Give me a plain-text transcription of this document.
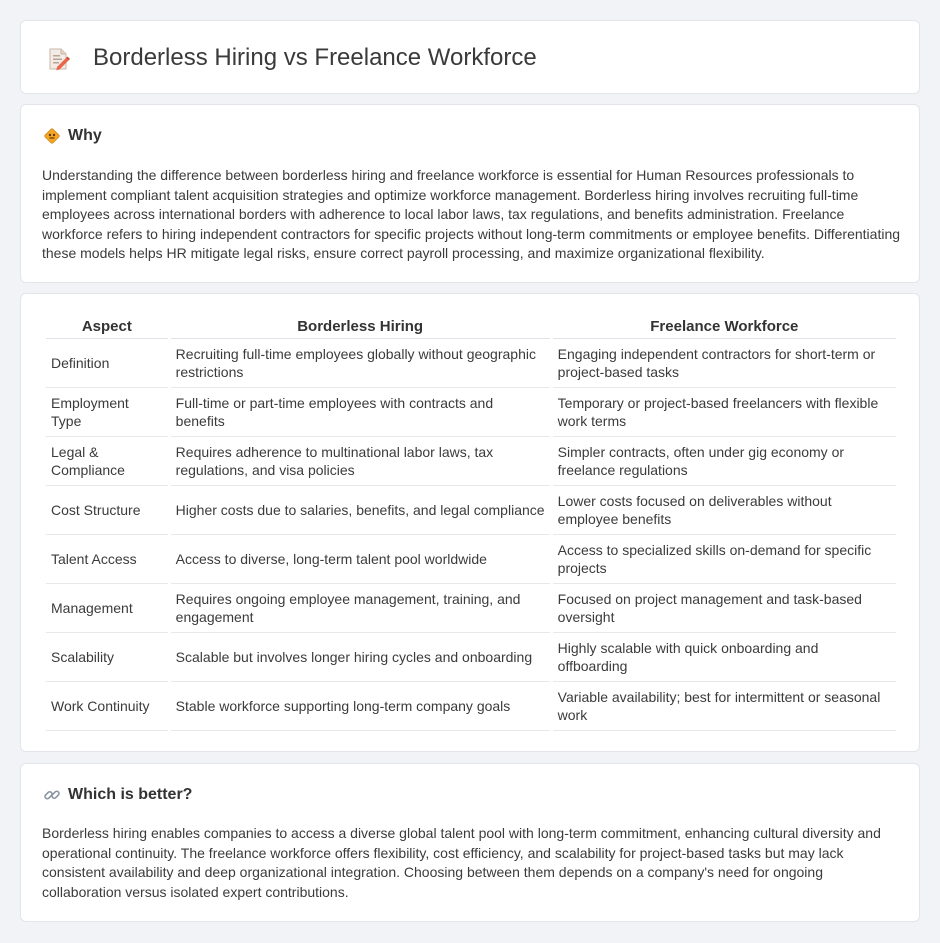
Borderless Hiring vs Freelance Workforce
Why

Understanding the difference between borderless hiring and freelance workforce is essential for Human Resources professionals to implement compliant talent acquisition strategies and optimize workforce management. Borderless hiring involves recruiting full-time employees across international borders with adherence to local labor laws, tax regulations, and benefits administration. Freelance workforce refers to hiring independent contractors for specific projects without long-term commitments or employee benefits. Differentiating these models helps HR mitigate legal risks, ensure correct payroll processing, and maximize organizational flexibility.

Aspect	Borderless Hiring	Freelance Workforce
Definition	Recruiting full-time employees globally without geographic restrictions	Engaging independent contractors for short-term or project-based tasks
Employment Type	Full-time or part-time employees with contracts and benefits	Temporary or project-based freelancers with flexible work terms
Legal & Compliance	Requires adherence to multinational labor laws, tax regulations, and visa policies	Simpler contracts, often under gig economy or freelance regulations
Cost Structure	Higher costs due to salaries, benefits, and legal compliance	Lower costs focused on deliverables without employee benefits
Talent Access	Access to diverse, long-term talent pool worldwide	Access to specialized skills on-demand for specific projects
Management	Requires ongoing employee management, training, and engagement	Focused on project management and task-based oversight
Scalability	Scalable but involves longer hiring cycles and onboarding	Highly scalable with quick onboarding and offboarding
Work Continuity	Stable workforce supporting long-term company goals	Variable availability; best for intermittent or seasonal work
Which is better?

Borderless hiring enables companies to access a diverse global talent pool with long-term commitment, enhancing cultural diversity and operational continuity. The freelance workforce offers flexibility, cost efficiency, and scalability for project-based tasks but may lack consistent availability and deep organizational integration. Choosing between them depends on a company's need for ongoing collaboration versus isolated expert contributions.
